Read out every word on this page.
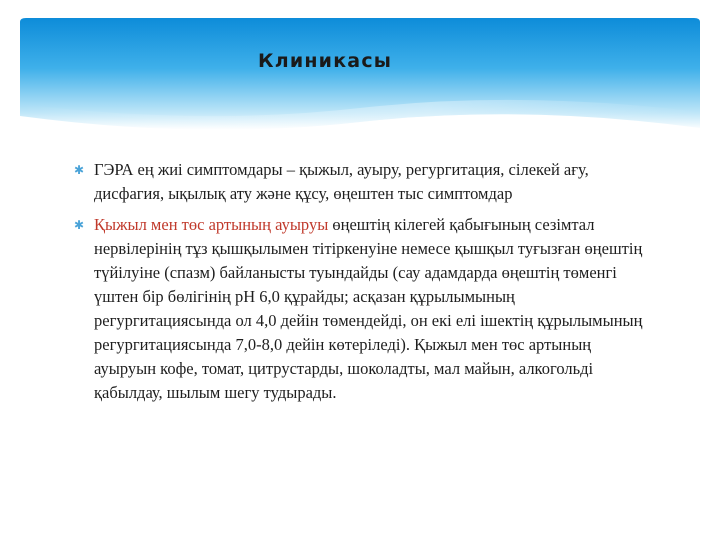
Клиникасы
✱ ГЭРА ең жиі симптомдары – қыжыл, ауыру, регургитация, сілекей ағу, дисфагия, ықылық ату және құсу, өңештен тыс симптомдар
✱ Қыжыл мен төс артының ауыруы өңештің кілегей қабығының сезімтал нервілерінің тұз қышқылымен тітіркенуіне немесе қышқыл туғызған өңештің түйілуіне (спазм) байланысты туындайды (сау адамдарда өңештің төменгі үштен бір бөлігінің pH 6,0 құрайды; асқазан құрылымының регургитациясында ол 4,0 дейін төмендейді, он екі елі ішектің құрылымының регургитациясында 7,0-8,0 дейін көтеріледі). Қыжыл мен төс артының ауыруын кофе, томат, цитрустарды, шоколадты, мал майын, алкогольді қабылдау, шылым шегу тудырады.
